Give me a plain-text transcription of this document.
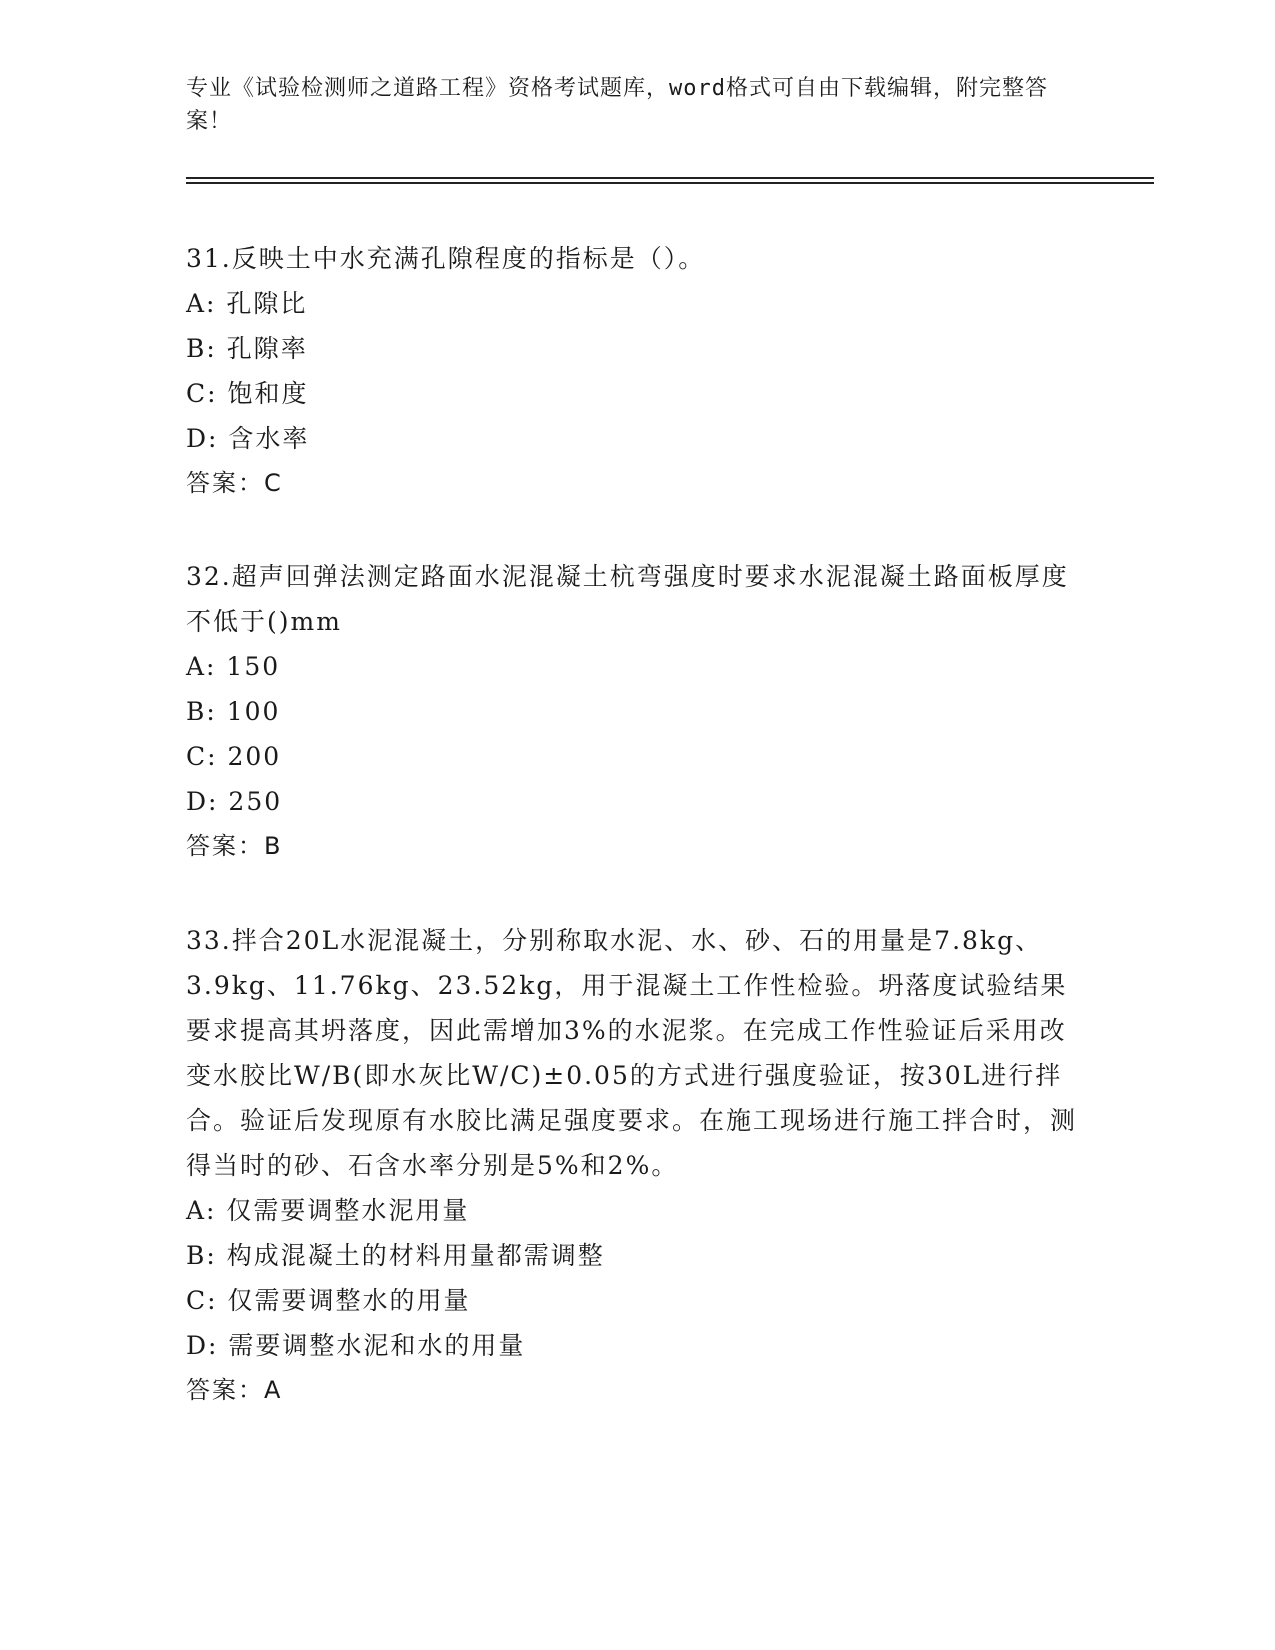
专业《试验检测师之道路工程》资格考试题库，word格式可自由下载编辑，附完整答案！
31.反映土中水充满孔隙程度的指标是（）。
A: 孔隙比
B: 孔隙率
C: 饱和度
D: 含水率
答案：C
32.超声回弹法测定路面水泥混凝土杭弯强度时要求水泥混凝土路面板厚度不低于()mm
A: 150
B: 100
C: 200
D: 250
答案：B
33.拌合20L水泥混凝土，分别称取水泥、水、砂、石的用量是7.8kg、3.9kg、11.76kg、23.52kg，用于混凝土工作性检验。坍落度试验结果要求提高其坍落度，因此需增加3%的水泥浆。在完成工作性验证后采用改变水胶比W/B(即水灰比W/C)±0.05的方式进行强度验证，按30L进行拌合。验证后发现原有水胶比满足强度要求。在施工现场进行施工拌合时，测得当时的砂、石含水率分别是5%和2%。
A: 仅需要调整水泥用量
B: 构成混凝土的材料用量都需调整
C: 仅需要调整水的用量
D: 需要调整水泥和水的用量
答案：A
